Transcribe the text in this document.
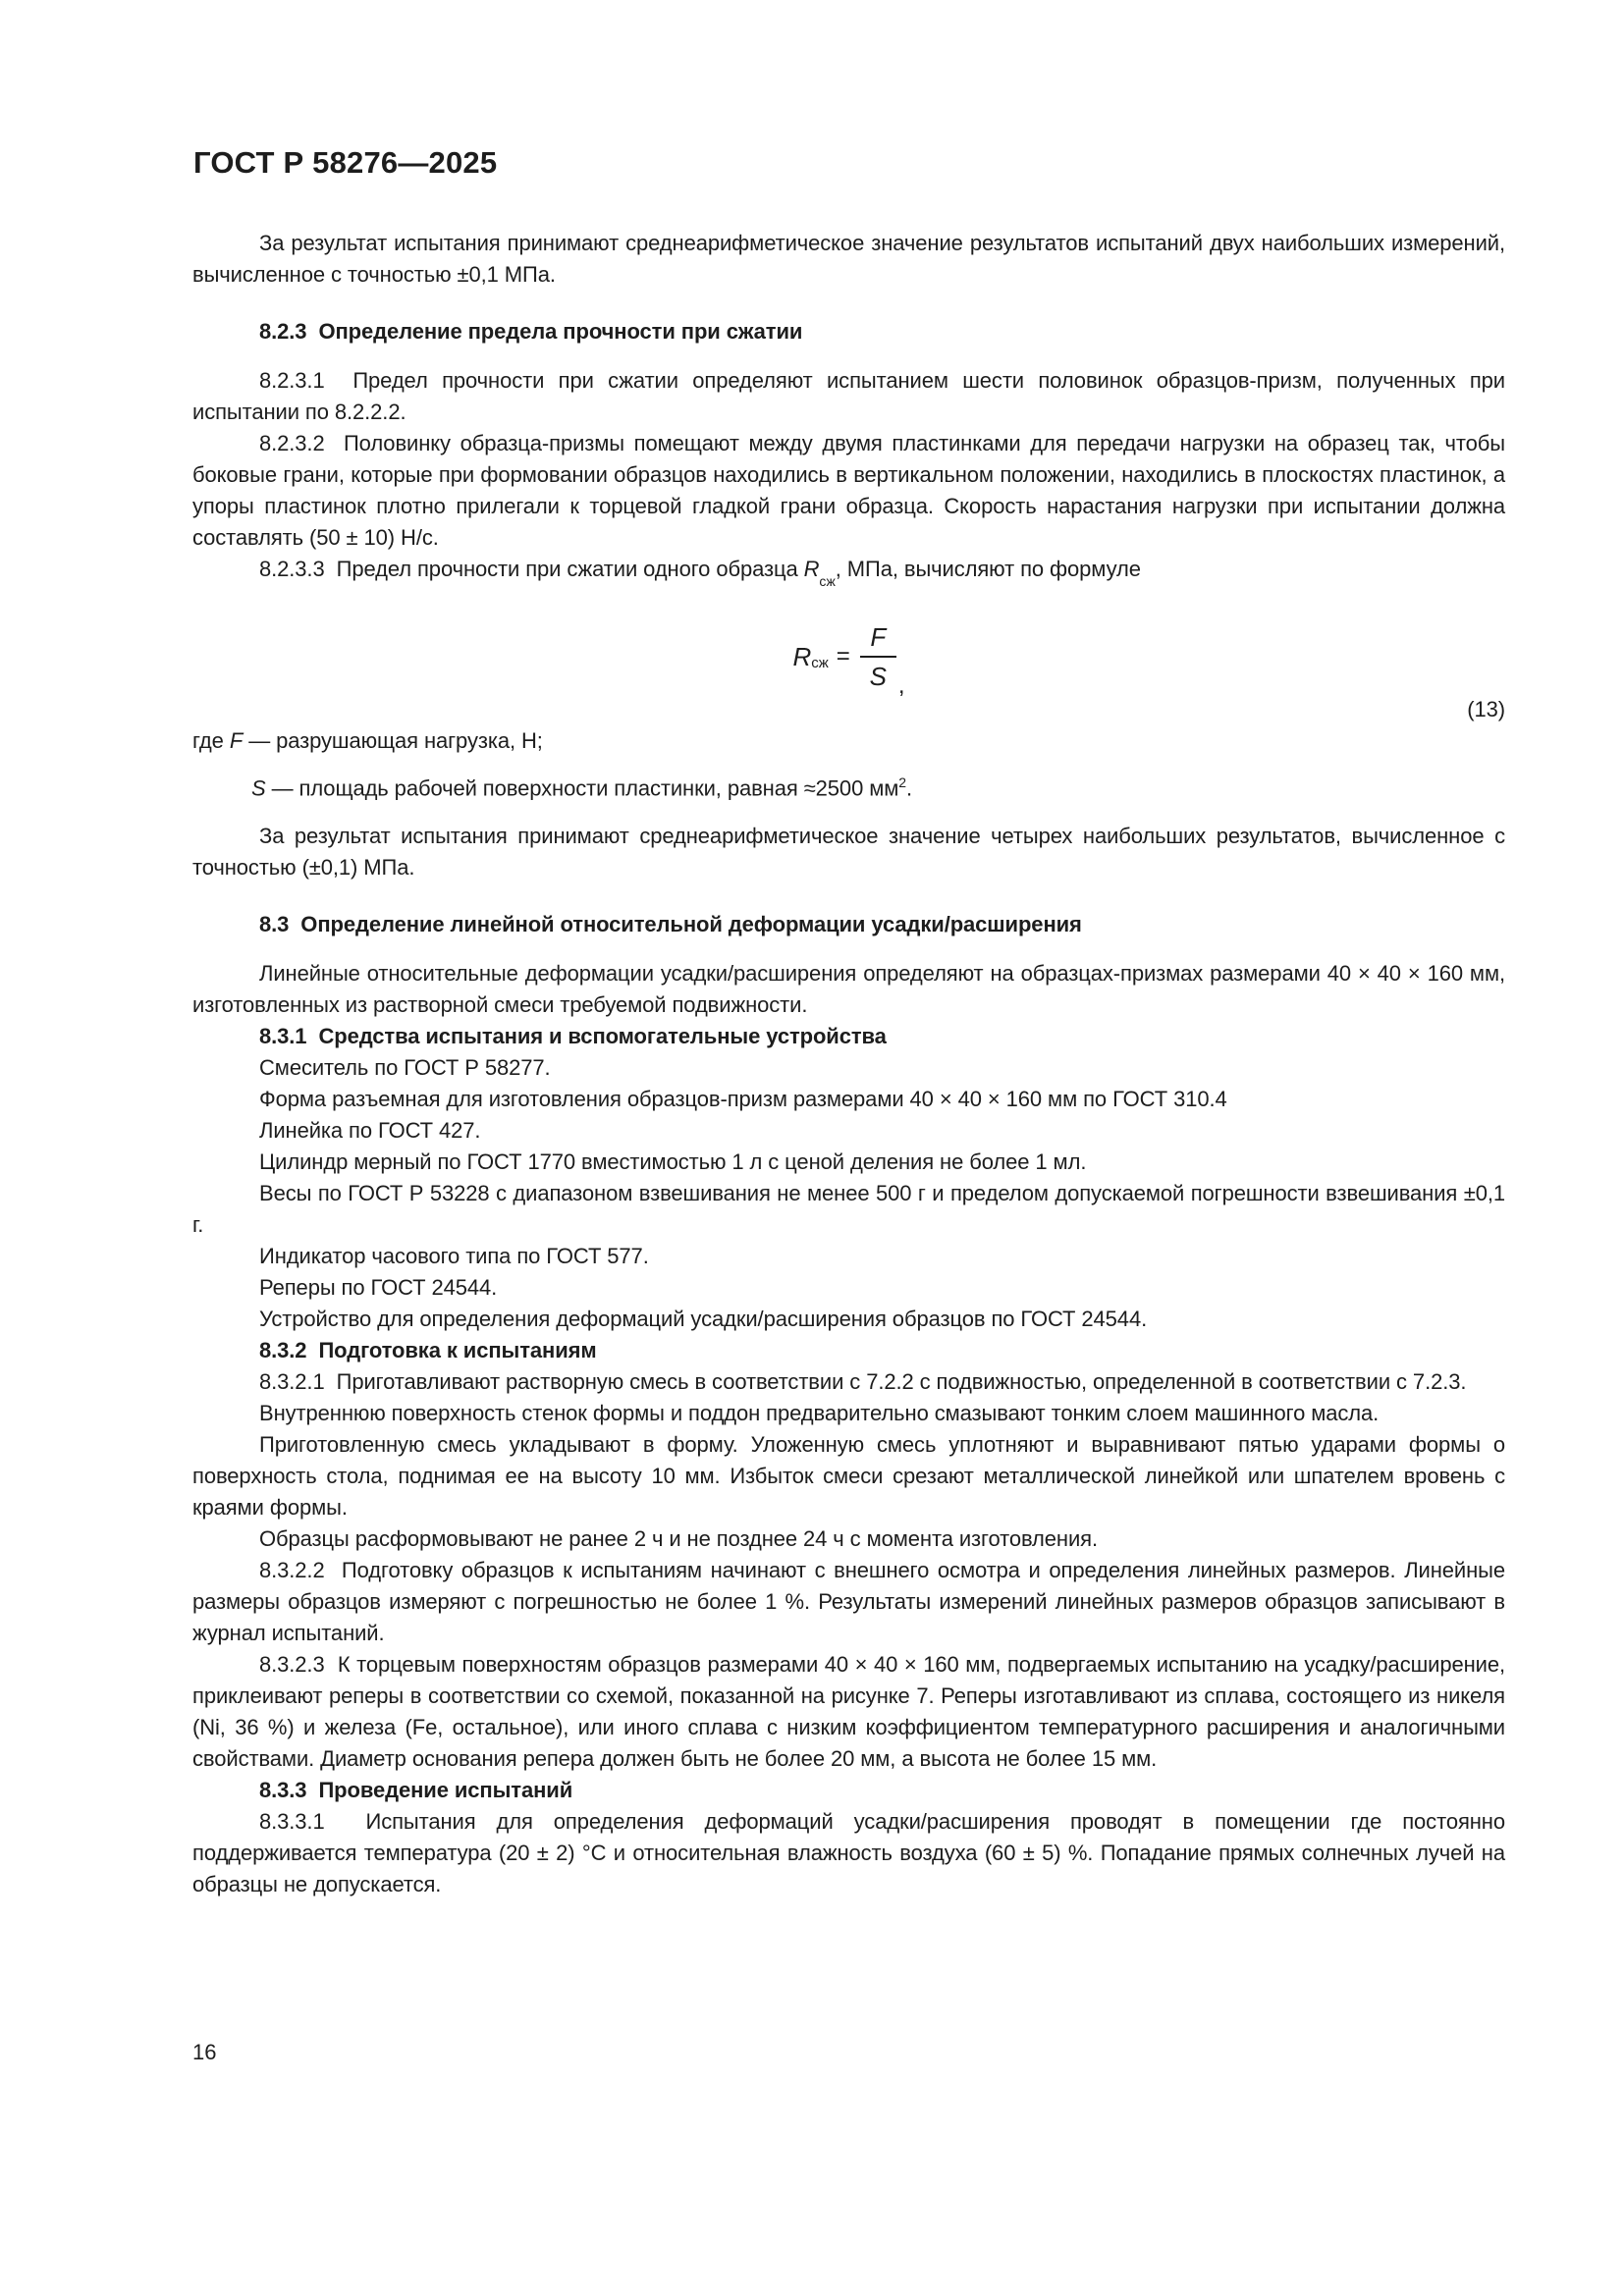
ГОСТ Р 58276—2025

За результат испытания принимают среднеарифметическое значение результатов испытаний двух наибольших измерений, вычисленное с точностью ±0,1 МПа.

8.2.3  Определение предела прочности при сжатии

8.2.3.1  Предел прочности при сжатии определяют испытанием шести половинок образцов-призм, полученных при испытании по 8.2.2.2.

8.2.3.2  Половинку образца-призмы помещают между двумя пластинками для передачи нагрузки на образец так, чтобы боковые грани, которые при формовании образцов находились в вертикальном положении, находились в плоскостях пластинок, а упоры пластинок плотно прилегали к торцевой гладкой грани образца. Скорость нарастания нагрузки при испытании должна составлять (50 ± 10) Н/с.

8.2.3.3  Предел прочности при сжатии одного образца $R_{сж}$, МПа, вычисляют по формуле

$R_{сж} = \frac{F}{S}$ ,
(13)

где F — разрушающая нагрузка, Н;

S — площадь рабочей поверхности пластинки, равная ≈2500 $мм^2$.

За результат испытания принимают среднеарифметическое значение четырех наибольших результатов, вычисленное с точностью (±0,1) МПа.

8.3  Определение линейной относительной деформации усадки/расширения

Линейные относительные деформации усадки/расширения определяют на образцах-призмах размерами 40 × 40 × 160 мм, изготовленных из растворной смеси требуемой подвижности.

8.3.1  Средства испытания и вспомогательные устройства

Смеситель по ГОСТ Р 58277.

Форма разъемная для изготовления образцов-призм размерами 40 × 40 × 160 мм по ГОСТ 310.4

Линейка по ГОСТ 427.

Цилиндр мерный по ГОСТ 1770 вместимостью 1 л с ценой деления не более 1 мл.

Весы по ГОСТ Р 53228 с диапазоном взвешивания не менее 500 г и пределом допускаемой погрешности взвешивания ±0,1 г.

Индикатор часового типа по ГОСТ 577.

Реперы по ГОСТ 24544.

Устройство для определения деформаций усадки/расширения образцов по ГОСТ 24544.

8.3.2  Подготовка к испытаниям

8.3.2.1  Приготавливают растворную смесь в соответствии с 7.2.2 с подвижностью, определенной в соответствии с 7.2.3.

Внутреннюю поверхность стенок формы и поддон предварительно смазывают тонким слоем машинного масла.

Приготовленную смесь укладывают в форму. Уложенную смесь уплотняют и выравнивают пятью ударами формы о поверхность стола, поднимая ее на высоту 10 мм. Избыток смеси срезают металлической линейкой или шпателем вровень с краями формы.

Образцы расформовывают не ранее 2 ч и не позднее 24 ч с момента изготовления.

8.3.2.2  Подготовку образцов к испытаниям начинают с внешнего осмотра и определения линейных размеров. Линейные размеры образцов измеряют с погрешностью не более 1 %. Результаты измерений линейных размеров образцов записывают в журнал испытаний.

8.3.2.3  К торцевым поверхностям образцов размерами 40 × 40 × 160 мм, подвергаемых испытанию на усадку/расширение, приклеивают реперы в соответствии со схемой, показанной на рисунке 7. Реперы изготавливают из сплава, состоящего из никеля (Ni, 36 %) и железа (Fe, остальное), или иного сплава с низким коэффициентом температурного расширения и аналогичными свойствами. Диаметр основания репера должен быть не более 20 мм, а высота не более 15 мм.

8.3.3  Проведение испытаний

8.3.3.1  Испытания для определения деформаций усадки/расширения проводят в помещении где постоянно поддерживается температура (20 ± 2) °С и относительная влажность воздуха (60 ± 5) %. Попадание прямых солнечных лучей на образцы не допускается.

16
